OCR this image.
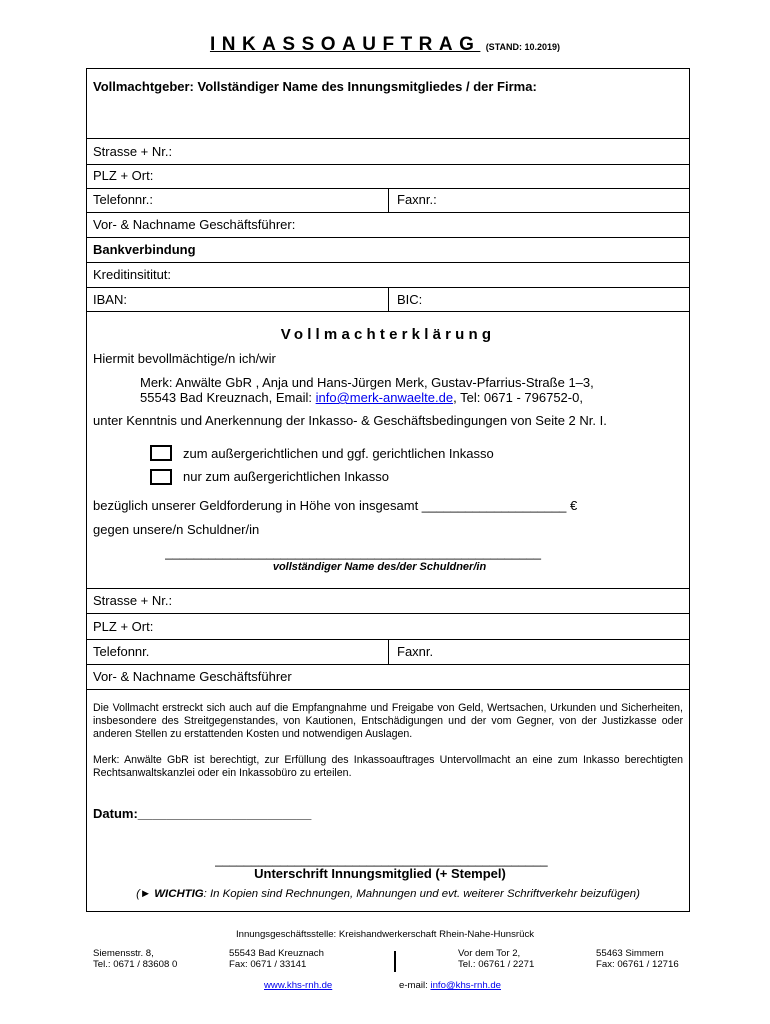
INKASSOAUFTRAG (STAND: 10.2019)
Vollmachtgeber: Vollständiger Name des Innungsmitgliedes / der Firma:
Strasse + Nr.:
PLZ + Ort:
Telefonnr.:	Faxnr.:
Vor- & Nachname Geschäftsführer:
Bankverbindung
Kreditinsititut:
IBAN:	BIC:
Vollmachterklärung
Hiermit bevollmächtige/n ich/wir
Merk: Anwälte GbR , Anja und Hans-Jürgen Merk, Gustav-Pfarrius-Straße 1–3,
55543 Bad Kreuznach, Email: info@merk-anwaelte.de, Tel: 0671 - 796752-0,
unter Kenntnis und Anerkennung der Inkasso- & Geschäftsbedingungen von Seite 2 Nr. I.
zum außergerichtlichen und ggf. gerichtlichen Inkasso
nur zum außergerichtlichen Inkasso
bezüglich unserer Geldforderung in Höhe von insgesamt ____________________ €
gegen unsere/n Schuldner/in
____________________________________________________
vollständiger Name des/der Schuldner/in
Strasse + Nr.:
PLZ + Ort:
Telefonnr.	Faxnr.
Vor- & Nachname Geschäftsführer
Die Vollmacht erstreckt sich auch auf die Empfangnahme und Freigabe von Geld, Wertsachen, Urkunden und Sicherheiten, insbesondere des Streitgegenstandes, von Kautionen, Entschädigungen und der vom Gegner, von der Justizkasse oder anderen Stellen zu erstattenden Kosten und notwendigen Auslagen.
Merk: Anwälte GbR ist berechtigt, zur Erfüllung des Inkassoauftrages Untervollmacht an eine zum Inkasso berechtigten Rechtsanwaltskanzlei oder ein Inkassobüro zu erteilen.
Datum:________________________
______________________________________________
Unterschrift Innungsmitglied (+ Stempel)
(► WICHTIG: In Kopien sind Rechnungen, Mahnungen und evt. weiterer Schriftverkehr beizufügen)
Innungsgeschäftsstelle: Kreishandwerkerschaft Rhein-Nahe-Hunsrück
Siemensstr. 8,
Tel.: 0671 / 83608 0
55543 Bad Kreuznach
Fax: 0671 / 33141
Vor dem Tor 2,
Tel.: 06761 / 2271
55463 Simmern
Fax: 06761 / 12716
www.khs-rnh.de	e-mail: info@khs-rnh.de
